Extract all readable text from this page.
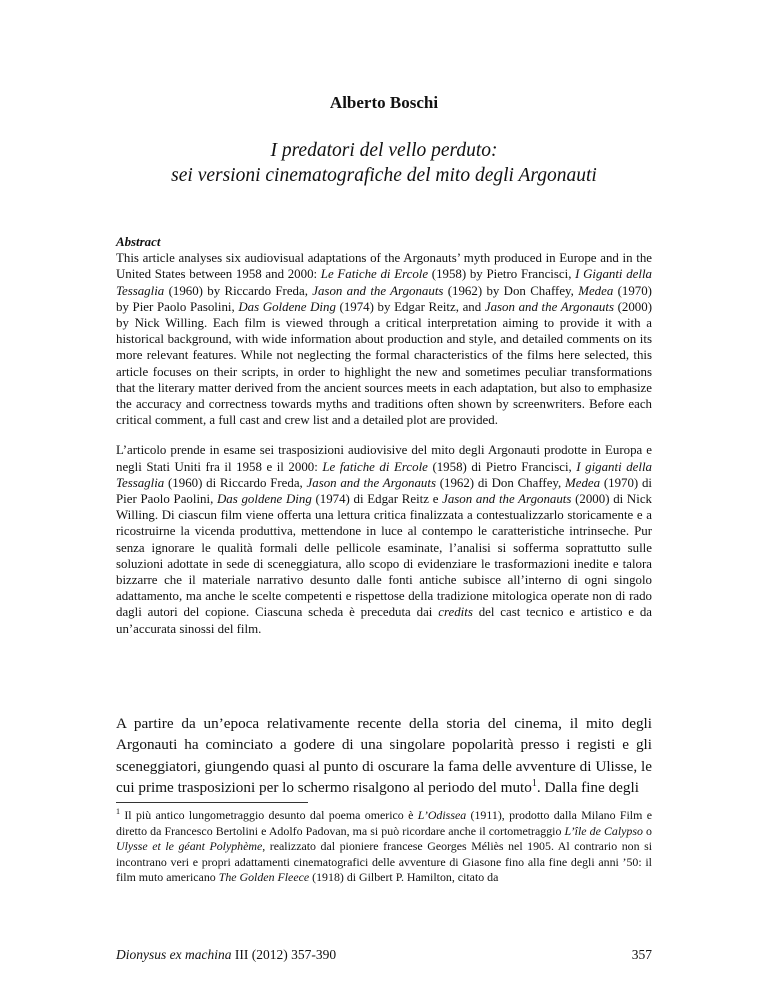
Alberto Boschi
I predatori del vello perduto:
sei versioni cinematografiche del mito degli Argonauti
Abstract

This article analyses six audiovisual adaptations of the Argonauts’ myth produced in Europe and in the United States between 1958 and 2000: Le Fatiche di Ercole (1958) by Pietro Francisci, I Giganti della Tessaglia (1960) by Riccardo Freda, Jason and the Argonauts (1962) by Don Chaffey, Medea (1970) by Pier Paolo Pasolini, Das Goldene Ding (1974) by Edgar Reitz, and Jason and the Argonauts (2000) by Nick Willing. Each film is viewed through a critical interpretation aiming to provide it with a historical background, with wide information about production and style, and detailed comments on its more relevant features. While not neglecting the formal characteristics of the films here selected, this article focuses on their scripts, in order to highlight the new and sometimes peculiar transformations that the literary matter derived from the ancient sources meets in each adaptation, but also to emphasize the accuracy and correctness towards myths and traditions often shown by screenwriters. Before each critical comment, a full cast and crew list and a detailed plot are provided.

L’articolo prende in esame sei trasposizioni audiovisive del mito degli Argonauti prodotte in Europa e negli Stati Uniti fra il 1958 e il 2000: Le fatiche di Ercole (1958) di Pietro Francisci, I giganti della Tessaglia (1960) di Riccardo Freda, Jason and the Argonauts (1962) di Don Chaffey, Medea (1970) di Pier Paolo Paolini, Das goldene Ding (1974) di Edgar Reitz e Jason and the Argonauts (2000) di Nick Willing. Di ciascun film viene offerta una lettura critica finalizzata a contestualizzarlo storicamente e a ricostruirne la vicenda produttiva, mettendone in luce al contempo le caratteristiche intrinseche. Pur senza ignorare le qualità formali delle pellicole esaminate, l’analisi si sofferma soprattutto sulle soluzioni adottate in sede di sceneggiatura, allo scopo di evidenziare le trasformazioni inedite e talora bizzarre che il materiale narrativo desunto dalle fonti antiche subisce all’interno di ogni singolo adattamento, ma anche le scelte competenti e rispettose della tradizione mitologica operate non di rado dagli autori del copione. Ciascuna scheda è preceduta dai credits del cast tecnico e artistico e da un’accurata sinossi del film.

A partire da un’epoca relativamente recente della storia del cinema, il mito degli Argonauti ha cominciato a godere di una singolare popolarità presso i registi e gli sceneggiatori, giungendo quasi al punto di oscurare la fama delle avventure di Ulisse, le cui prime trasposizioni per lo schermo risalgono al periodo del muto$^1$. Dalla fine degli

$^1$ Il più antico lungometraggio desunto dal poema omerico è L’Odissea (1911), prodotto dalla Milano Film e diretto da Francesco Bertolini e Adolfo Padovan, ma si può ricordare anche il cortometraggio L’île de Calypso o Ulysse et le géant Polyphème, realizzato dal pioniere francese Georges Méliès nel 1905. Al contrario non si incontrano veri e propri adattamenti cinematografici delle avventure di Giasone fino alla fine degli anni ’50: il film muto americano The Golden Fleece (1918) di Gilbert P. Hamilton, citato da

Dionysus ex machina III (2012) 357-390	357
